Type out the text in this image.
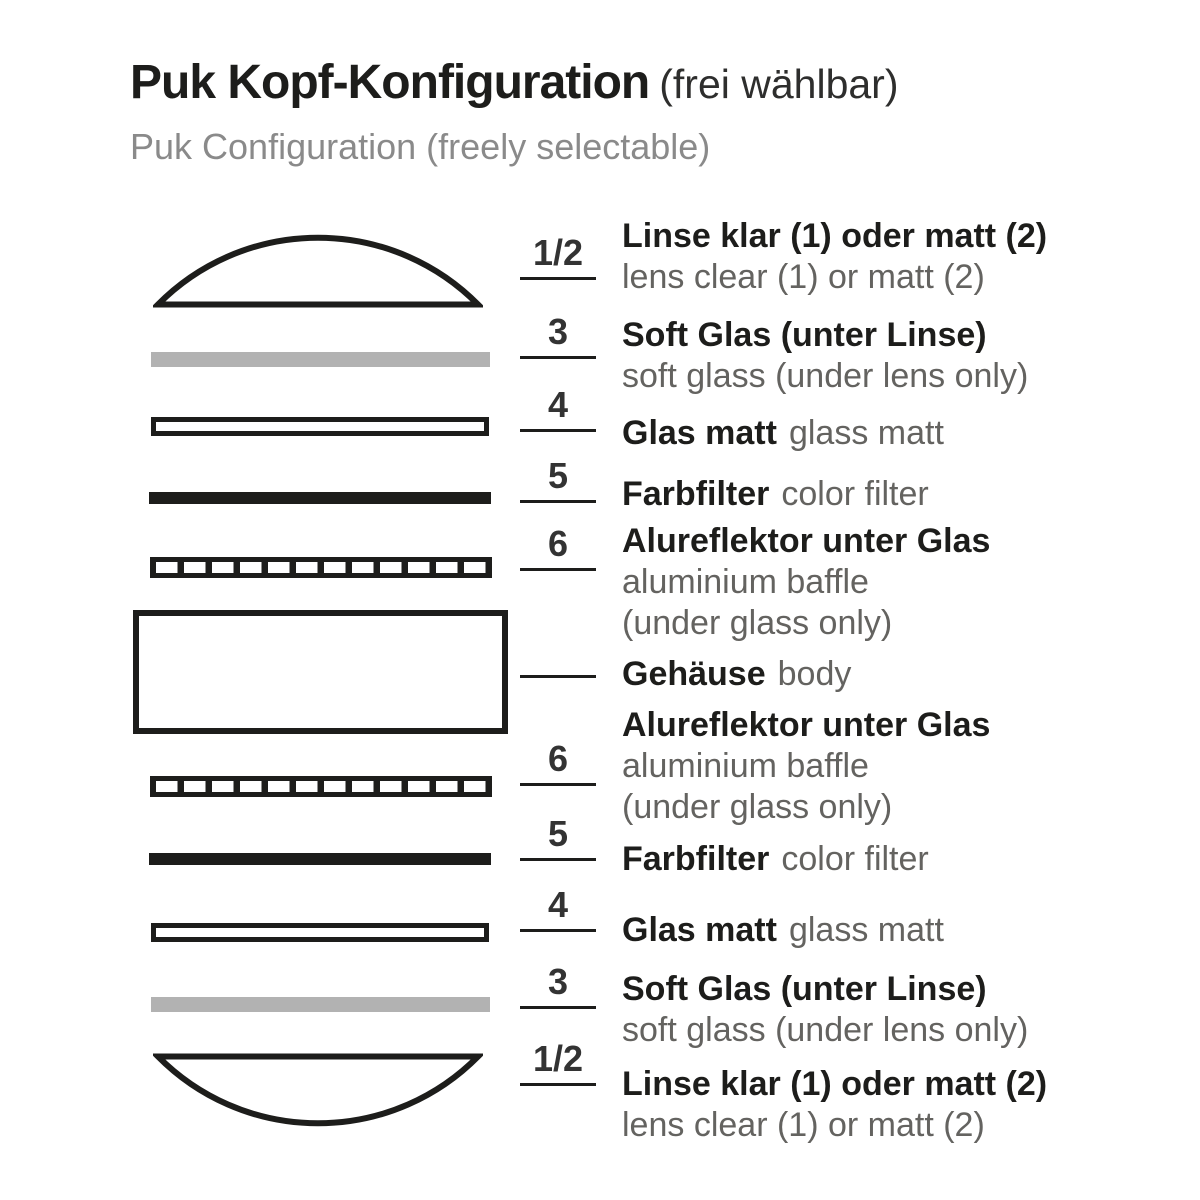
Puk Kopf-Konfiguration (frei wählbar)
Puk Configuration (freely selectable)
1/2
3
4
5
6
6
5
4
3
1/2
Linse klar (1) oder matt (2)
lens clear (1) or matt (2)
Soft Glas (unter Linse)
soft glass (under lens only)
Glas matt glass matt
Farbfilter color filter
Alureflektor unter Glas
aluminium baffle
(under glass only)
Gehäuse body
Alureflektor unter Glas
aluminium baffle
(under glass only)
Farbfilter color filter
Glas matt glass matt
Soft Glas (unter Linse)
soft glass (under lens only)
Linse klar (1) oder matt (2)
lens clear (1) or matt (2)
